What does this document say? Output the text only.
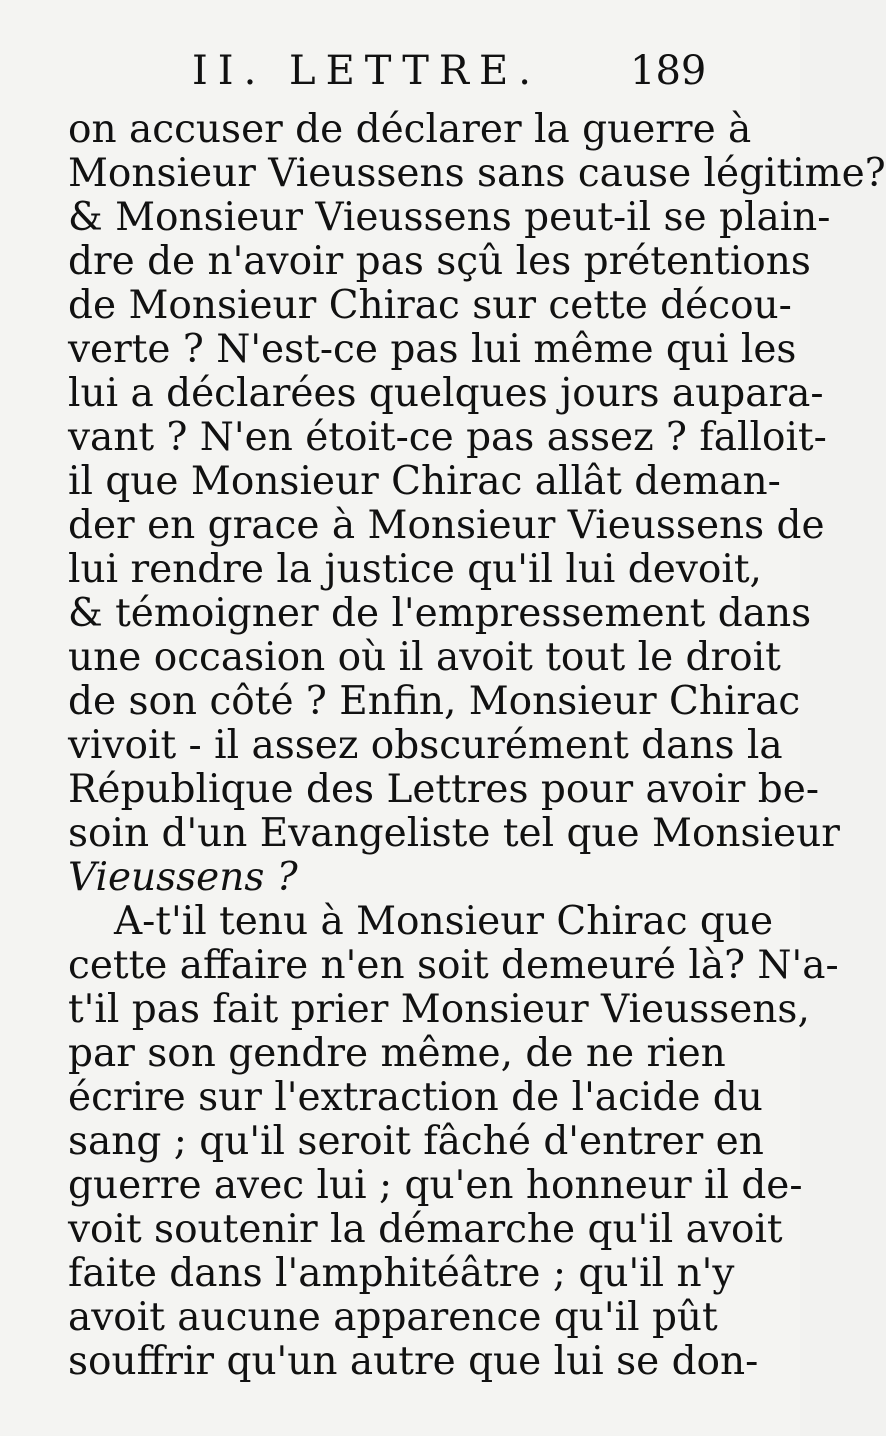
II. LETTRE. 189
on accuser de déclarer la guerre à
Monsieur Vieussens sans cause légitime?
& Monsieur Vieussens peut-il se plain-
dre de n'avoir pas sçû les prétentions
de Monsieur Chirac sur cette décou-
verte ? N'est-ce pas lui même qui les
lui a déclarées quelques jours aupara-
vant ? N'en étoit-ce pas assez ? falloit-
il que Monsieur Chirac allât deman-
der en grace à Monsieur Vieussens de
lui rendre la justice qu'il lui devoit,
& témoigner de l'empressement dans
une occasion où il avoit tout le droit
de son côté ? Enfin, Monsieur Chirac
vivoit - il assez obscurément dans la
République des Lettres pour avoir be-
soin d'un Evangeliste tel que Monsieur
Vieussens ?
A-t'il tenu à Monsieur Chirac que
cette affaire n'en soit demeuré là? N'a-
t'il pas fait prier Monsieur Vieussens,
par son gendre même, de ne rien
écrire sur l'extraction de l'acide du
sang ; qu'il seroit fâché d'entrer en
guerre avec lui ; qu'en honneur il de-
voit soutenir la démarche qu'il avoit
faite dans l'amphitéâtre ; qu'il n'y
avoit aucune apparence qu'il pût
souffrir qu'un autre que lui se don-
